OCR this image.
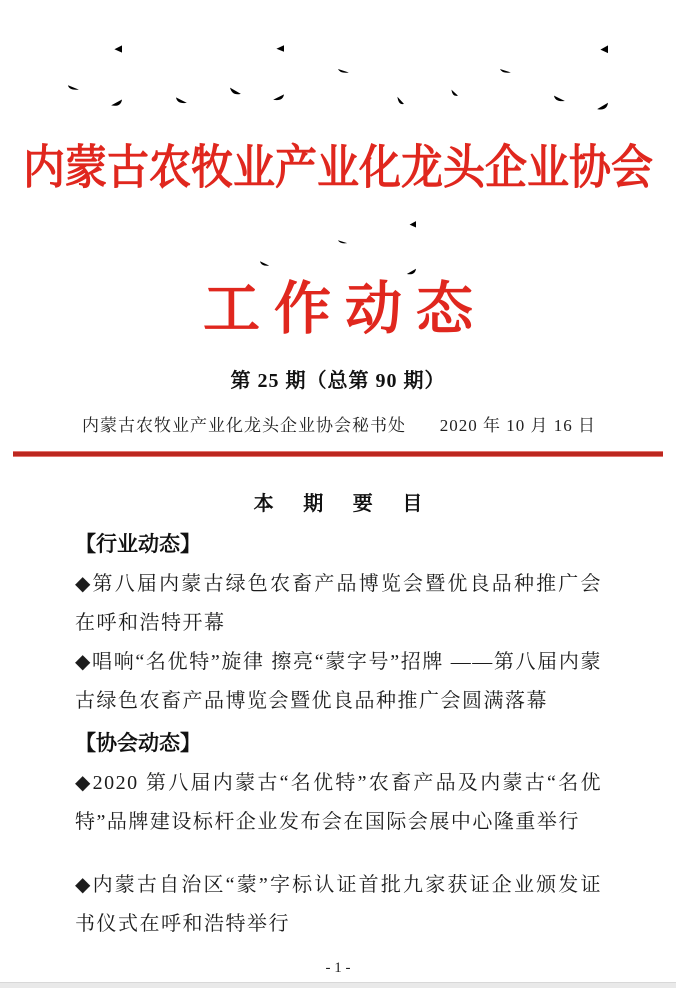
内蒙古农牧业产业化龙头企业协会
工作动态
第 25 期（总第 90 期）
内蒙古农牧业产业化龙头企业协会秘书处 2020 年 10 月 16 日
本 期 要 目
【行业动态】
◆第八届内蒙古绿色农畜产品博览会暨优良品种推广会在呼和浩特开幕
◆唱响“名优特”旋律 擦亮“蒙字号”招牌 ——第八届内蒙古绿色农畜产品博览会暨优良品种推广会圆满落幕
【协会动态】
◆2020 第八届内蒙古“名优特”农畜产品及内蒙古“名优特”品牌建设标杆企业发布会在国际会展中心隆重举行
◆内蒙古自治区“蒙”字标认证首批九家获证企业颁发证书仪式在呼和浩特举行
- 1 -
